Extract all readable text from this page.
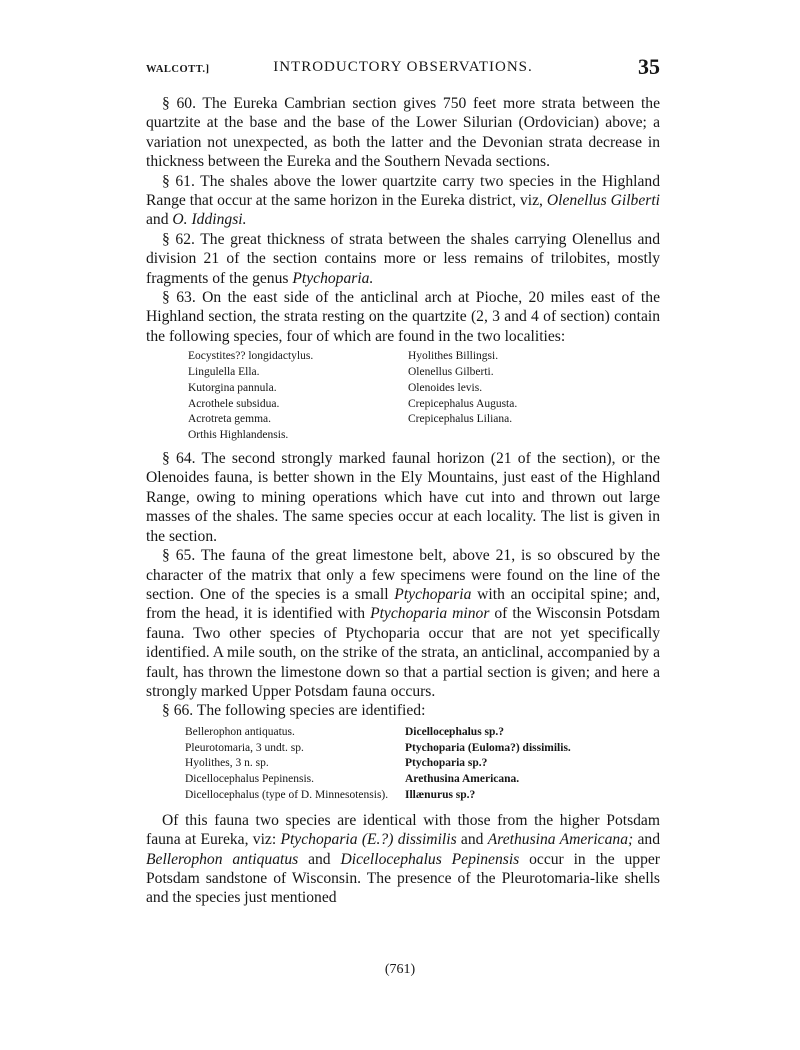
WALCOTT.]	INTRODUCTORY OBSERVATIONS.	35

§ 60. The Eureka Cambrian section gives 750 feet more strata between the quartzite at the base and the base of the Lower Silurian (Ordovician) above; a variation not unexpected, as both the latter and the Devonian strata decrease in thickness between the Eureka and the Southern Nevada sections.

§ 61. The shales above the lower quartzite carry two species in the Highland Range that occur at the same horizon in the Eureka district, viz, Olenellus Gilberti and O. Iddingsi.

§ 62. The great thickness of strata between the shales carrying Olenellus and division 21 of the section contains more or less remains of trilobites, mostly fragments of the genus Ptychoparia.

§ 63. On the east side of the anticlinal arch at Pioche, 20 miles east of the Highland section, the strata resting on the quartzite (2, 3 and 4 of section) contain the following species, four of which are found in the two localities:

Eocystites?? longidactylus.
Lingulella Ella.
Kutorgina pannula.
Acrothele subsidua.
Acrotreta gemma.
Orthis Highlandensis.
Hyolithes Billingsi.
Olenellus Gilberti.
Olenoides levis.
Crepicephalus Augusta.
Crepicephalus Liliana.

§ 64. The second strongly marked faunal horizon (21 of the section), or the Olenoides fauna, is better shown in the Ely Mountains, just east of the Highland Range, owing to mining operations which have cut into and thrown out large masses of the shales. The same species occur at each locality. The list is given in the section.

§ 65. The fauna of the great limestone belt, above 21, is so obscured by the character of the matrix that only a few specimens were found on the line of the section. One of the species is a small Ptychoparia with an occipital spine; and, from the head, it is identified with Ptychoparia minor of the Wisconsin Potsdam fauna. Two other species of Ptychoparia occur that are not yet specifically identified. A mile south, on the strike of the strata, an anticlinal, accompanied by a fault, has thrown the limestone down so that a partial section is given; and here a strongly marked Upper Potsdam fauna occurs.

§ 66. The following species are identified:

Bellerophon antiquatus.
Pleurotomaria, 3 undt. sp.
Hyolithes, 3 n. sp.
Dicellocephalus Pepinensis.
Dicellocephalus (type of D. Minnesotensis).
Dicellocephalus sp.?
Ptychoparia (Euloma?) dissimilis.
Ptychoparia sp.?
Arethusina Americana.
Illænurus sp.?

Of this fauna two species are identical with those from the higher Potsdam fauna at Eureka, viz: Ptychoparia (E.?) dissimilis and Arethusina Americana; and Bellerophon antiquatus and Dicellocephalus Pepinensis occur in the upper Potsdam sandstone of Wisconsin. The presence of the Pleurotomaria-like shells and the species just mentioned

(761)
